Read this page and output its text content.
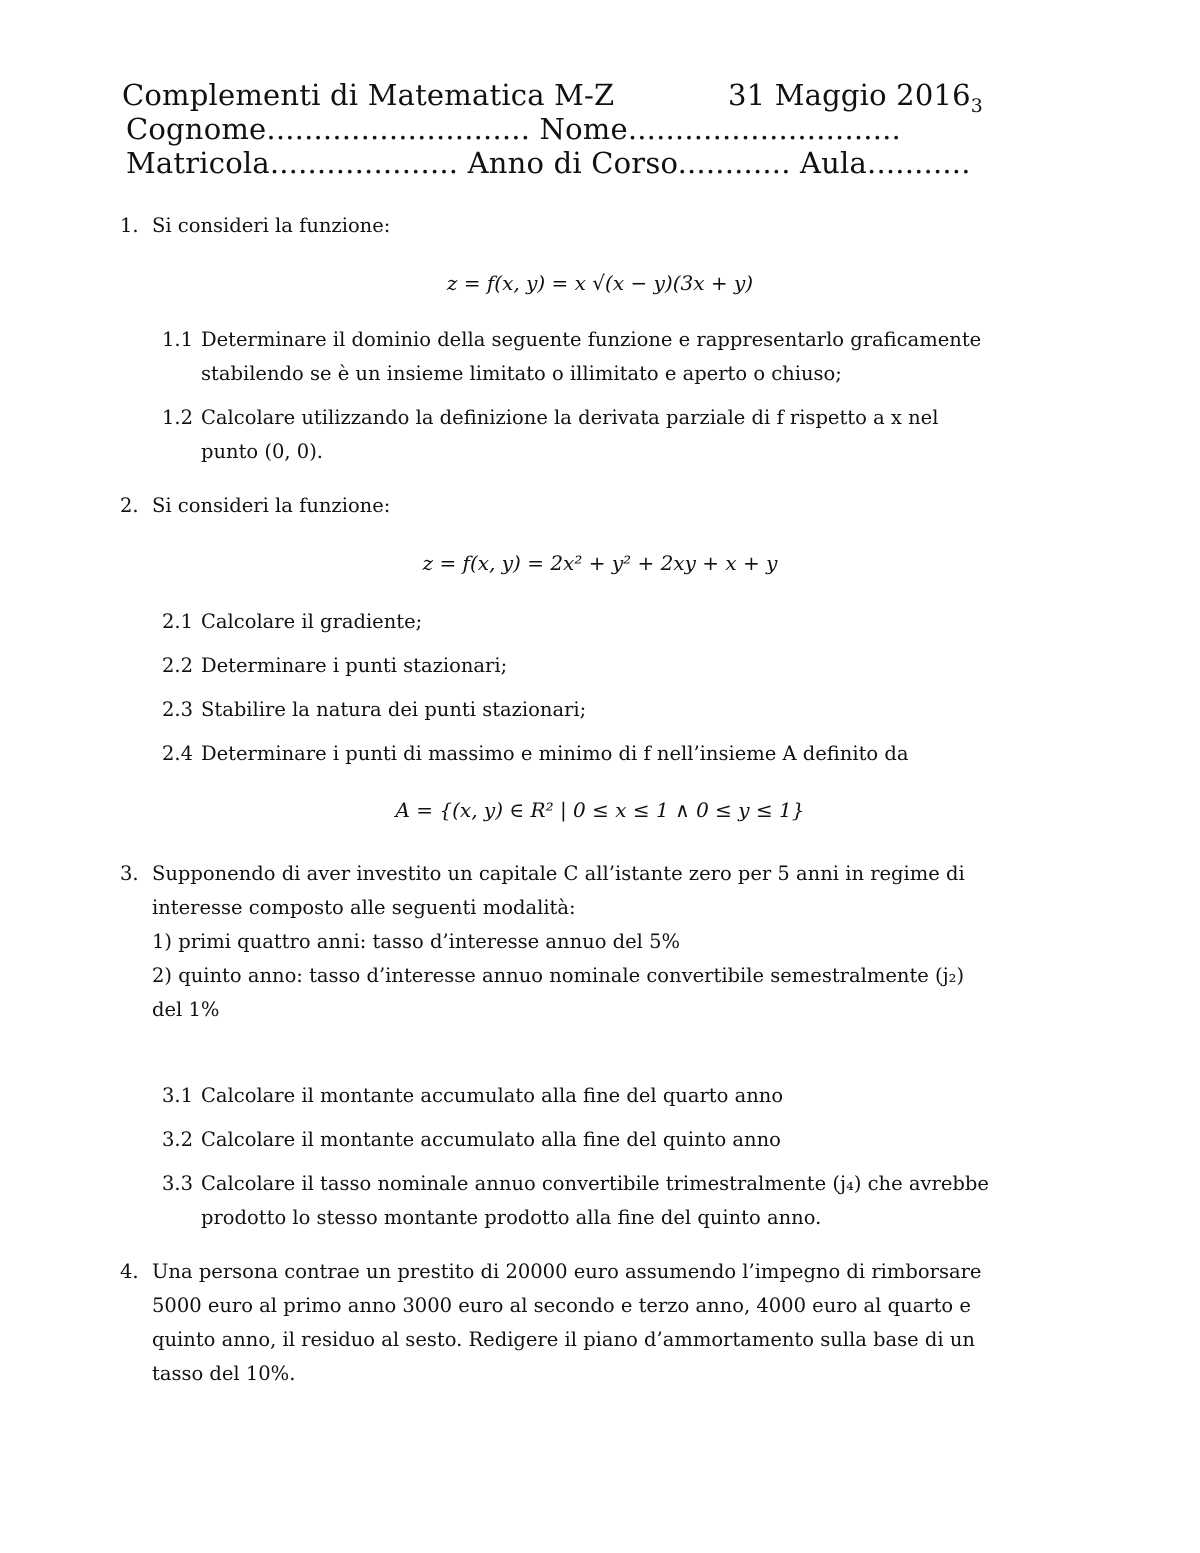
Complementi di Matematica M-Z	31 Maggio $2016_3$
Cognome............................ Nome.............................
Matricola.................... Anno di Corso............ Aula...........
1. Si consideri la funzione:
z = f(x, y) = x √(x − y)(3x + y)
1.1 Determinare il dominio della seguente funzione e rappresentarlo graficamente
stabilendo se è un insieme limitato o illimitato e aperto o chiuso;
1.2 Calcolare utilizzando la definizione la derivata parziale di f rispetto a x nel
punto (0, 0).
2. Si consideri la funzione:
z = f(x, y) = 2x² + y² + 2xy + x + y
2.1 Calcolare il gradiente;
2.2 Determinare i punti stazionari;
2.3 Stabilire la natura dei punti stazionari;
2.4 Determinare i punti di massimo e minimo di f nell’insieme A definito da
A = {(x, y) ∈ R² | 0 ≤ x ≤ 1 ∧ 0 ≤ y ≤ 1}
3. Supponendo di aver investito un capitale C all’istante zero per 5 anni in regime di
interesse composto alle seguenti modalità:
1) primi quattro anni: tasso d’interesse annuo del 5%
2) quinto anno: tasso d’interesse annuo nominale convertibile semestralmente (j₂)
del 1%
3.1 Calcolare il montante accumulato alla fine del quarto anno
3.2 Calcolare il montante accumulato alla fine del quinto anno
3.3 Calcolare il tasso nominale annuo convertibile trimestralmente (j₄) che avrebbe
prodotto lo stesso montante prodotto alla fine del quinto anno.
4. Una persona contrae un prestito di 20000 euro assumendo l’impegno di rimborsare
5000 euro al primo anno 3000 euro al secondo e terzo anno, 4000 euro al quarto e
quinto anno, il residuo al sesto. Redigere il piano d’ammortamento sulla base di un
tasso del 10%.
